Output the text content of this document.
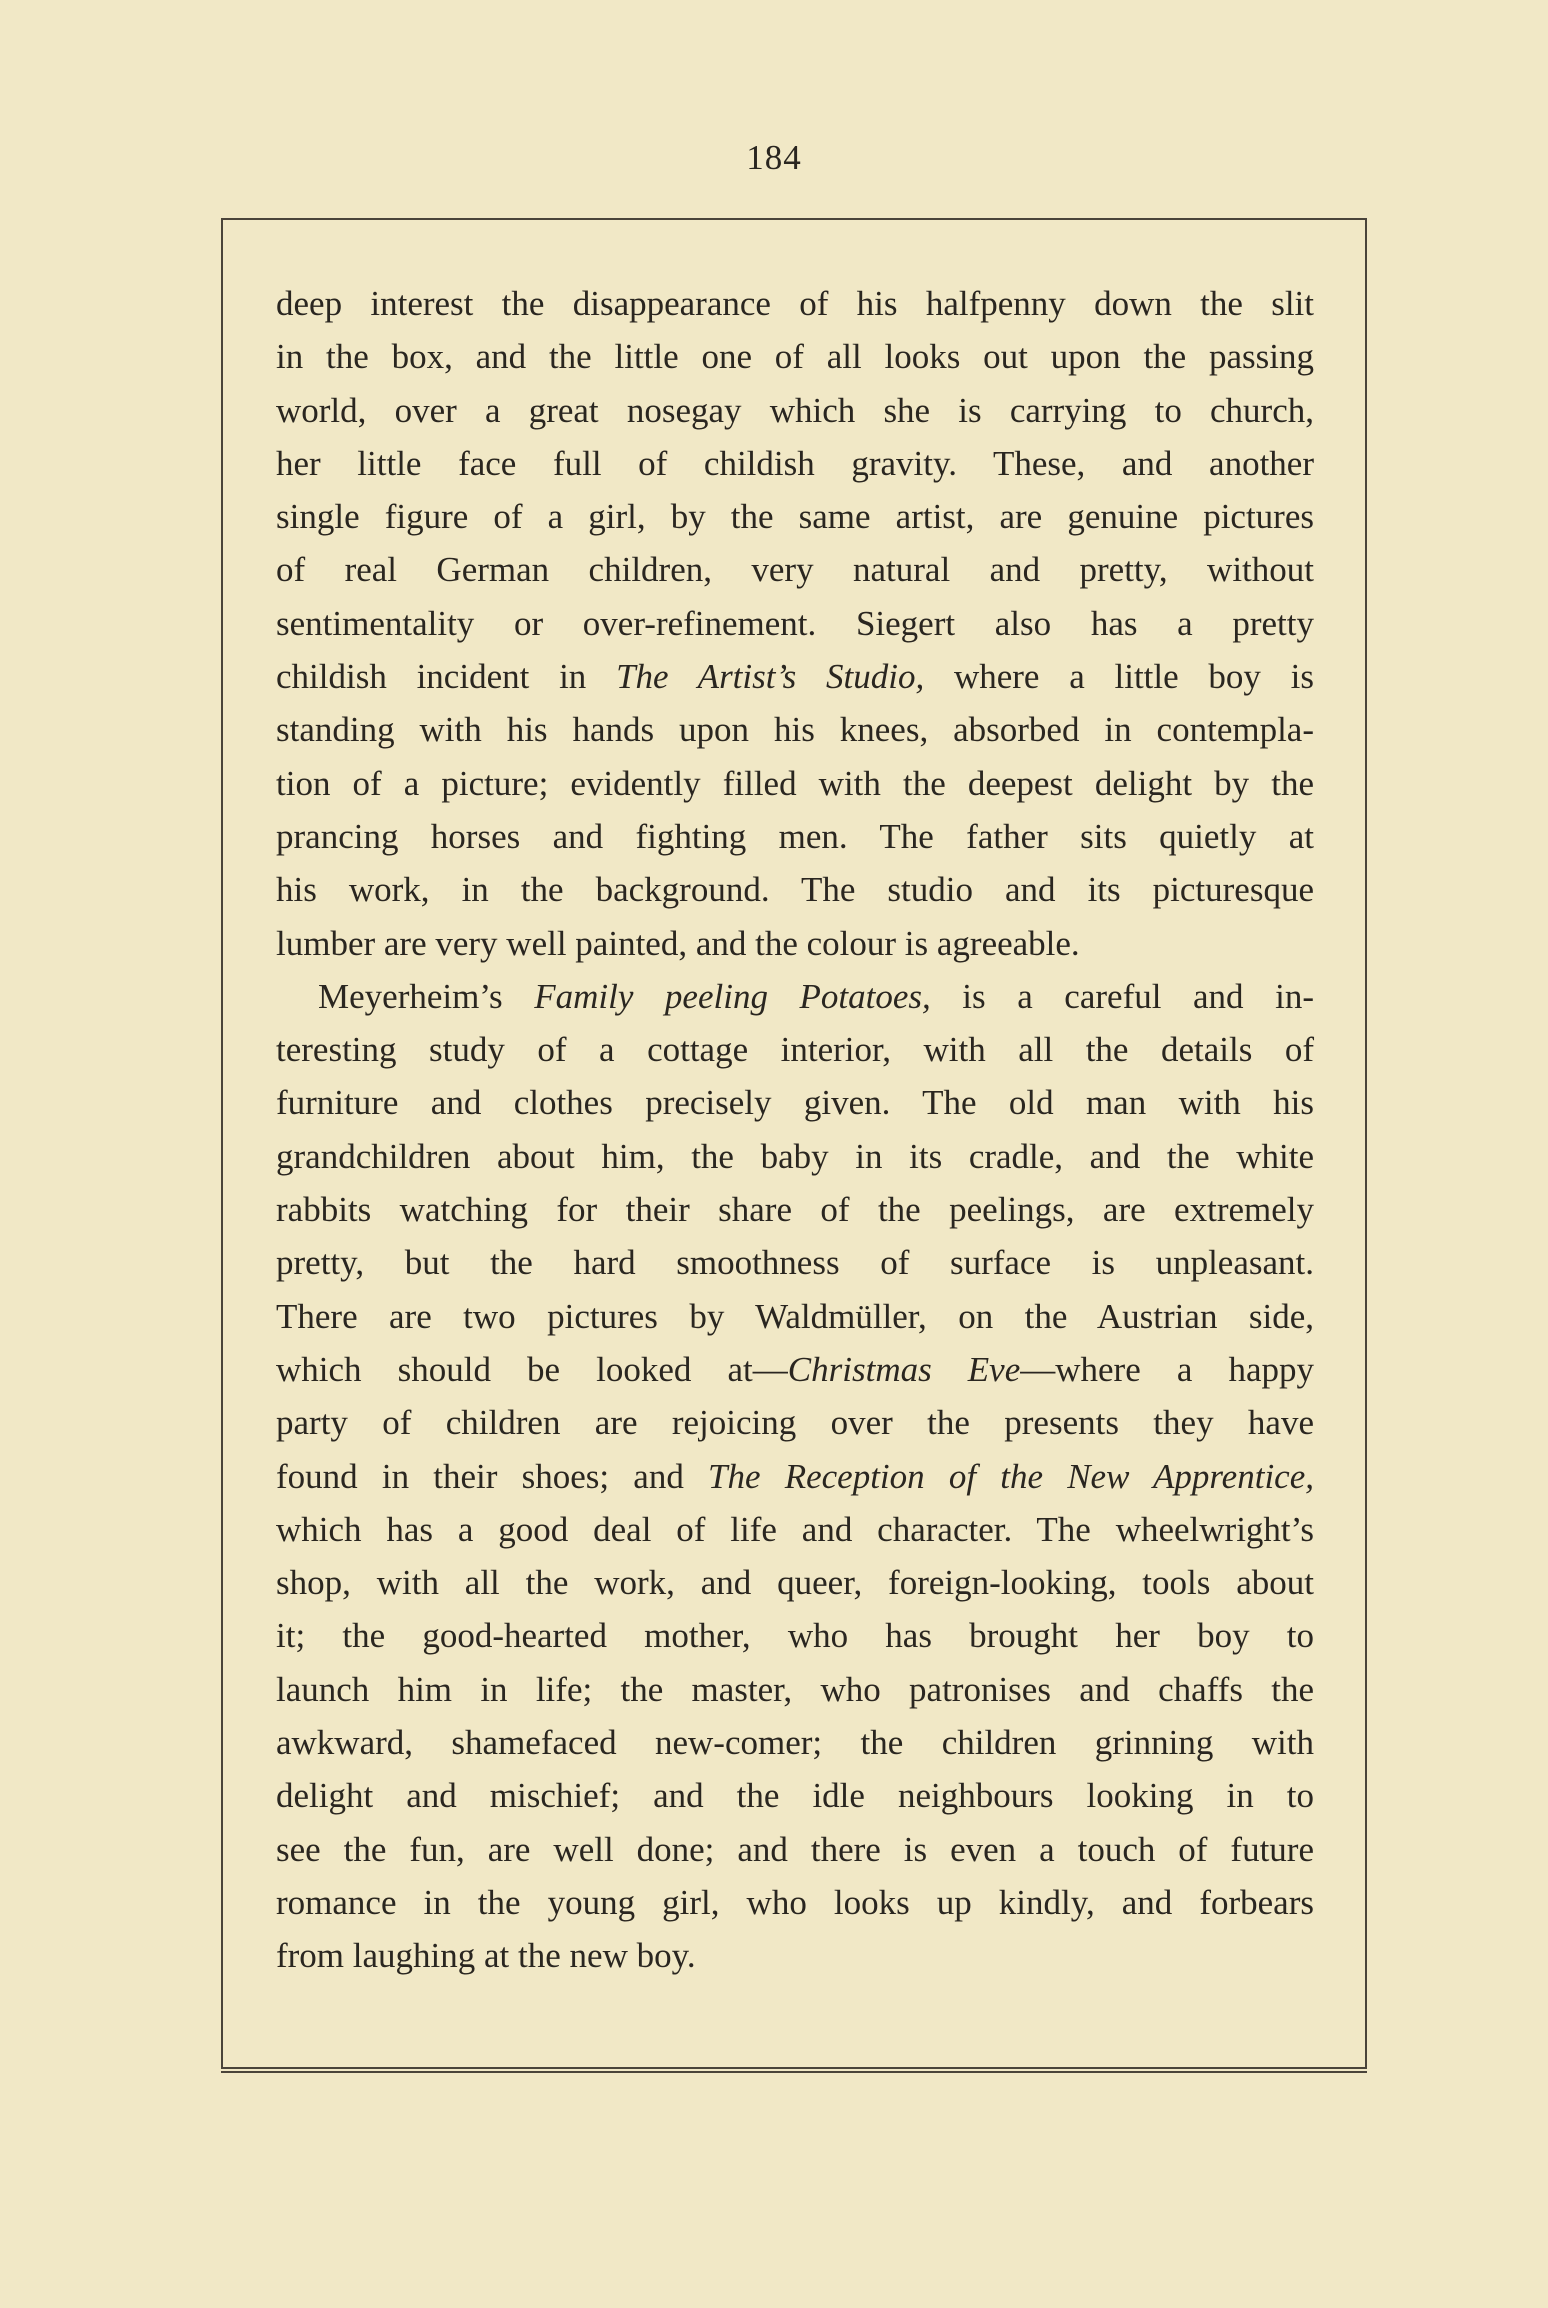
184
deep interest the disappearance of his halfpenny down the slit
in the box, and the little one of all looks out upon the passing
world, over a great nosegay which she is carrying to church,
her little face full of childish gravity. These, and another
single figure of a girl, by the same artist, are genuine pictures
of real German children, very natural and pretty, without
sentimentality or over-refinement. Siegert also has a pretty
childish incident in The Artist’s Studio, where a little boy is
standing with his hands upon his knees, absorbed in contempla-
tion of a picture; evidently filled with the deepest delight by the
prancing horses and fighting men. The father sits quietly at
his work, in the background. The studio and its picturesque
lumber are very well painted, and the colour is agreeable.
Meyerheim’s Family peeling Potatoes, is a careful and in-
teresting study of a cottage interior, with all the details of
furniture and clothes precisely given. The old man with his
grandchildren about him, the baby in its cradle, and the white
rabbits watching for their share of the peelings, are extremely
pretty, but the hard smoothness of surface is unpleasant.
There are two pictures by Waldmüller, on the Austrian side,
which should be looked at—Christmas Eve—where a happy
party of children are rejoicing over the presents they have
found in their shoes; and The Reception of the New Apprentice,
which has a good deal of life and character. The wheelwright’s
shop, with all the work, and queer, foreign-looking, tools about
it; the good-hearted mother, who has brought her boy to
launch him in life; the master, who patronises and chaffs the
awkward, shamefaced new-comer; the children grinning with
delight and mischief; and the idle neighbours looking in to
see the fun, are well done; and there is even a touch of future
romance in the young girl, who looks up kindly, and forbears
from laughing at the new boy.
